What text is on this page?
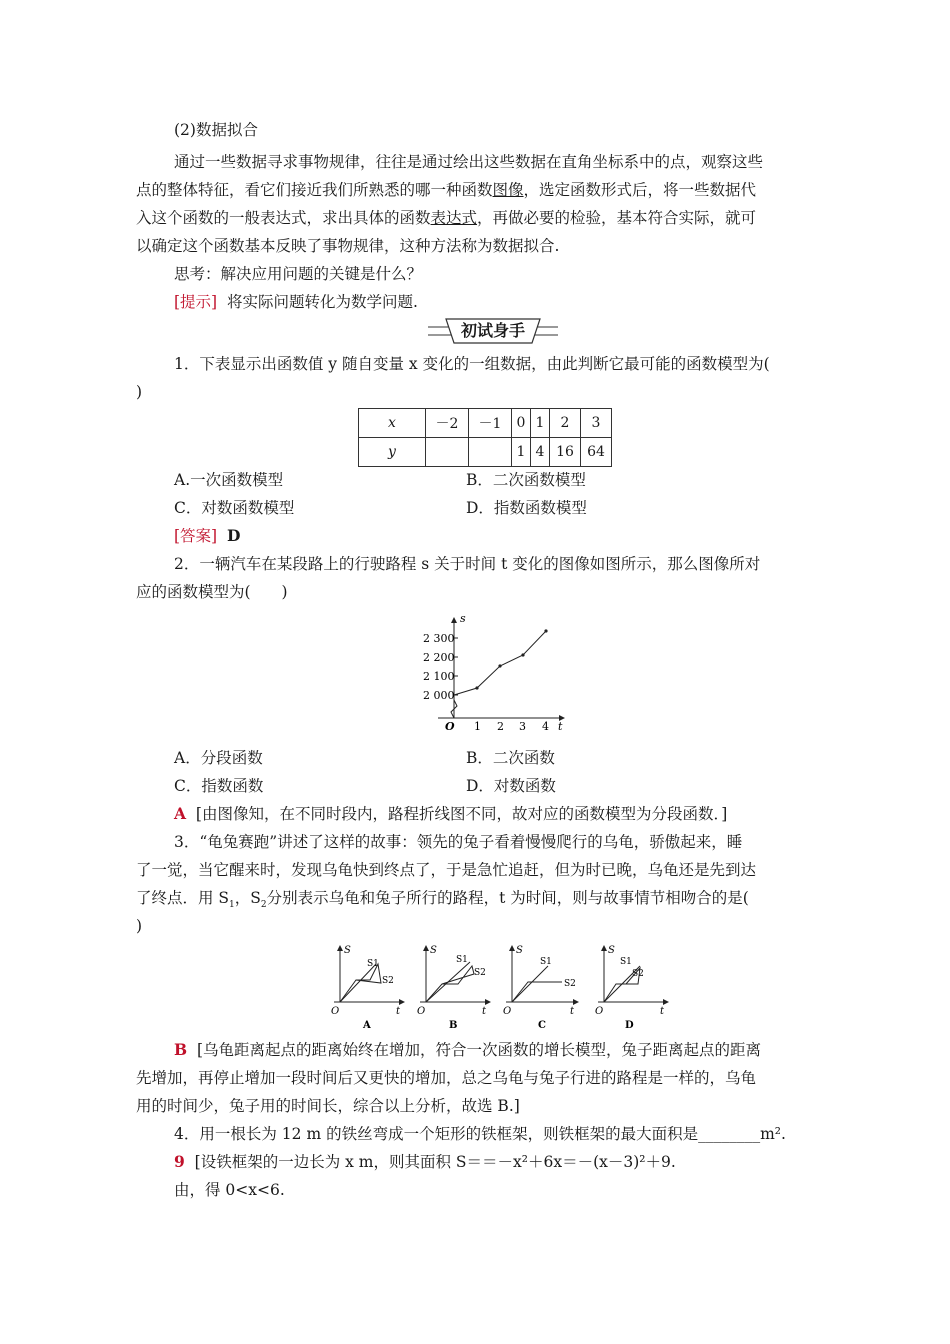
(2)数据拟合
通过一些数据寻求事物规律，往往是通过绘出这些数据在直角坐标系中的点，观察这些
点的整体特征，看它们接近我们所熟悉的哪一种函数图像，选定函数形式后，将一些数据代
入这个函数的一般表达式，求出具体的函数表达式，再做必要的检验，基本符合实际，就可
以确定这个函数基本反映了事物规律，这种方法称为数据拟合.
思考：解决应用问题的关键是什么？
[提示] 将实际问题转化为数学问题.
初试身手
1．下表显示出函数值 y 随自变量 x 变化的一组数据，由此判断它最可能的函数模型为(
)
x	－2	－1	0	1	2	3
y			1	4	16	64
A.一次函数模型	B．二次函数模型
C．对数函数模型	D．指数函数模型
[答案] D
2．一辆汽车在某段路上的行驶路程 s 关于时间 t 变化的图像如图所示，那么图像所对
应的函数模型为(　　)
s
t
O
2 000
2 100
2 200
2 300
1 2 3 4
A．分段函数	B．二次函数
C．指数函数	D．对数函数
A [由图像知，在不同时段内，路程折线图不同，故对应的函数模型为分段函数．]
3．“龟兔赛跑”讲述了这样的故事：领先的兔子看着慢慢爬行的乌龟，骄傲起来，睡
了一觉，当它醒来时，发现乌龟快到终点了，于是急忙追赶，但为时已晚，乌龟还是先到达
了终点．用 $S_1$，$S_2$分别表示乌龟和兔子所行的路程，t 为时间，则与故事情节相吻合的是(
)
S
t
O
A
S1
S2
S
t
O
B
S1
S2
S
t
O
C
S1
S2
S
t
O
D
S1
S2
B [乌龟距离起点的距离始终在增加，符合一次函数的增长模型，兔子距离起点的距离
先增加，再停止增加一段时间后又更快的增加，总之乌龟与兔子行进的路程是一样的，乌龟
用的时间少，兔子用的时间长，综合以上分析，故选 B.]
4．用一根长为 12 m 的铁丝弯成一个矩形的铁框架，则铁框架的最大面积是________m².
9 [设铁框架的一边长为 x m，则其面积 S＝＝－x²＋6x＝－(x－3)²＋9.
由，得 0<x<6.
